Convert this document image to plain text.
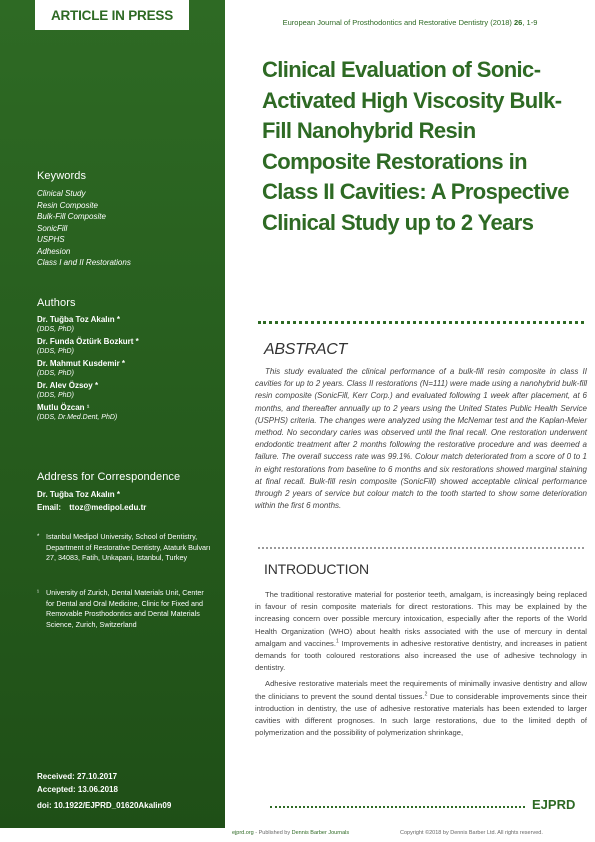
ARTICLE IN PRESS
Keywords
Clinical Study
Resin Composite
Bulk-Fill Composite
SonicFill
USPHS
Adhesion
Class I and II Restorations
Authors
Dr. Tuğba Toz Akalın *
(DDS, PhD)
Dr. Funda Öztürk Bozkurt *
(DDS, PhD)
Dr. Mahmut Kusdemir *
(DDS, PhD)
Dr. Alev Özsoy *
(DDS, PhD)
Mutlu Özcan ¹
(DDS, Dr.Med.Dent, PhD)
Address for Correspondence
Dr. Tuğba Toz Akalın *
Email: ttoz@medipol.edu.tr
* Istanbul Medipol University, School of Dentistry, Department of Restorative Dentistry, Ataturk Bulvarı 27, 34083, Fatih, Unkapani, Istanbul, Turkey
¹ University of Zurich, Dental Materials Unit, Center for Dental and Oral Medicine, Clinic for Fixed and Removable Prosthodontics and Dental Materials Science, Zurich, Switzerland
Received: 27.10.2017
Accepted: 13.06.2018
doi: 10.1922/EJPRD_01620Akalin09
European Journal of Prosthodontics and Restorative Dentistry (2018) 26, 1-9
Clinical Evaluation of Sonic-Activated High Viscosity Bulk-Fill Nanohybrid Resin Composite Restorations in Class II Cavities: A Prospective Clinical Study up to 2 Years
ABSTRACT
This study evaluated the clinical performance of a bulk-fill resin composite in class II cavities for up to 2 years. Class II restorations (N=111) were made using a nanohybrid bulk-fill resin composite (SonicFill, Kerr Corp.) and evaluated following 1 week after placement, at 6 months, and thereafter annually up to 2 years using the United States Public Health Service (USPHS) criteria. The changes were analyzed using the McNemar test and the Kaplan-Meier method. No secondary caries was observed until the final recall. One restoration underwent endodontic treatment after 2 months following the restorative procedure and was deemed a failure. The overall success rate was 99.1%. Colour match deteriorated from a score of 0 to 1 in eight restorations from baseline to 6 months and six restorations showed marginal staining at final recall. Bulk-fill resin composite (SonicFill) showed acceptable clinical performance through 2 years of service but colour match to the tooth started to show some deterioration within the first 6 months.
INTRODUCTION

The traditional restorative material for posterior teeth, amalgam, is increasingly being replaced in favour of resin composite materials for direct restorations. This may be explained by the increasing concern over possible mercury intoxication, especially after the reports of the World Health Organization (WHO) about health risks associated with the use of mercury in dental amalgam and vaccines.$^1$ Improvements in adhesive restorative dentistry, and increases in patient demands for tooth coloured restorations also increased the use of adhesive technology in dentistry.

Adhesive restorative materials meet the requirements of minimally invasive dentistry and allow the clinicians to prevent the sound dental tissues.$^2$ Due to considerable improvements since their introduction in dentistry, the use of adhesive restorative materials has been extended to larger cavities with different prognoses. In such large restorations, due to the limited depth of polymerization and the possibility of polymerization shrinkage,

EJPRD
ejprd.org - Published by Dennis Barber Journals	Copyright ©2018 by Dennis Barber Ltd. All rights reserved.
